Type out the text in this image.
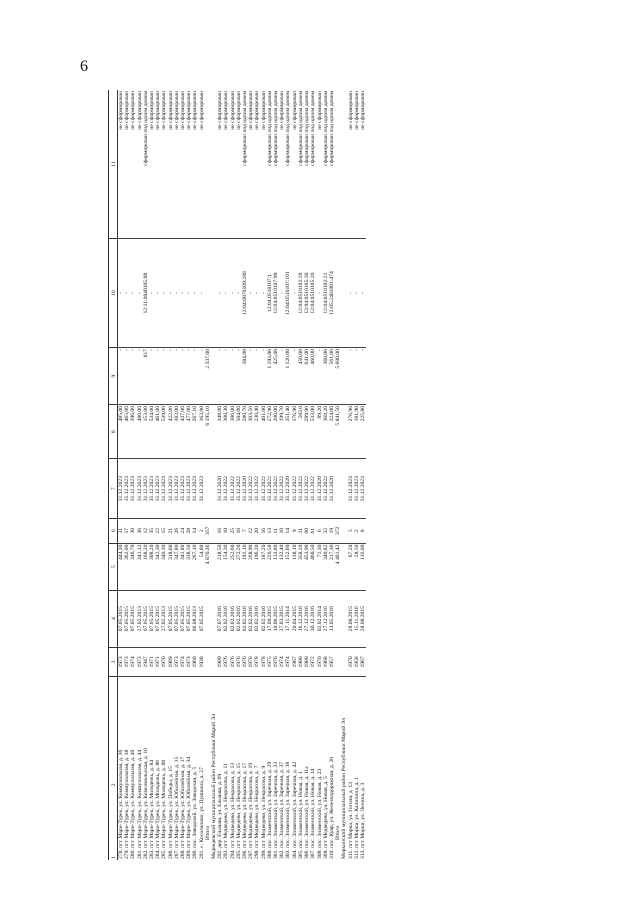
6
12	3	4	5	6	7	8	9	10	11
278. пгт Мари-Турек, ул. Коммунальная, д. 36	1973	07.05.2015	444,30	31	31.12.2023	485,00	-	-	не сформирован
279. пгт Мари-Турек, ул. Коммунальная, д. 38	1973	07.05.2015	362,00	17	31.12.2023	465,00	-	-	не сформирован
280. пгт Мари-Турек, ул. Коммунальная, д. 40	1974	07.05.2015	346,70	30	31.12.2023	396,00	-	-	не сформирован
281. пгт Мари-Турек, ул. Коммунальная, д. 44	1973	27.02.2013	341,12	36	31.12.2023	480,00	-	-	не сформирован
282. пгт Мари-Турек, ул. Комсомольская, д. 10	1947	07.05.2015	168,20	12	31.12.2023	153,00	817	12:11:0840105:88	сформирован под одним домом
283. пгт Мари-Турек, ул. Молодежь, д. 84	1971	07.05.2015	308,20	35	31.12.2023	534,00	-	-	не сформирован
284. пгт Мари-Турек, ул. Молодежь, д. 86	1971	07.05.2015	342,30	22	31.12.2023	461,00	-	-	не сформирован
285. пгт Мари-Турек, ул. Молодежь, д. 88	1970	27.02.2013	340,30	15	31.12.2023	539,00	-	-	не сформирован
286. пгт Мари-Турек, ул. Победы, д. 15	1989	07.05.2015	318,60	21	31.12.2023	422,00	-	-	не сформирован
287. пгт Мари-Турек, ул. Юбилейная, д. 15	1973	07.05.2015	347,80	26	31.12.2023	383,00	-	-	не сформирован
288. пгт Мари-Турек, ул. Юбилейная, д. 17	1974	07.05.2015	341,80	24	31.12.2023	437,00	-	-	не сформирован
289. пгт Мари-Турек, ул. Юбилейная, д. 34	1973	07.05.2015	338,50	28	31.12.2023	477,00	-	-	не сформирован
290. пос. Заводской, ул. Заводская, д. 5	1960	06.08.2013	267,10	14	31.12.2023	267,10	-	-	не сформирован
291. с. Косолапово, ул. Пушкина, д. 27	1938	07.05.2015	54,80	2	31.12.2023	163,00	-	-	не сформирован
Итого			4 870,36	357		6 195,10	2 337,00		
Медведевский муниципальный район Республики Марий Эл									
292. дер. Ельмаш, ул. Ельмаш, д. 69	1909	07.07.2016	218,50	16	31.12.2020	348,00	-	-	не сформирован
293. пгт Медведево, ул. Некрасова, д. 11	1976	02.02.2016	154,30	10	31.12.2022	300,30	-	-	не сформирован
294. пгт Медведево, ул. Некрасова, д. 13	1976	02.02.2016	252,60	25	31.12.2022	386,00	-	-	не сформирован
295. пгт Медведево, ул. Некрасова, д. 15	1976	02.02.2016	272,20	10	31.12.2022	504,00	-	-	не сформирован
296. пгт Медведево, ул. Некрасова, д. 17	1976	02.02.2016	192,10	7	31.12.2020	280,70	384,00	12:04:0870109:288	сформирован под одним домом
297. пгт Медведево, ул. Некрасова, д. 19	1976	02.02.2016	268,90	12	31.12.2022	303,50	-	-	не сформирован
298. пгт Медведево, ул. Некрасова, д. 7	1978	02.02.2016	196,20	20	31.12.2022	230,40	-	-	не сформирован
299. пгт Медведево, ул. Некрасова, д. 9	1978	02.02.2016	187,20	16	31.12.2022	401,00	-	-	не сформирован
300. пос. Знаменский, ул. Заречная, д. 29	1975	17.09.2015	220,50	13	31.12.2022	272,90	1 193,00	12:04:0510107:1	сформирован под одним домом
301. пос. Знаменский, ул. Заречная, д. 33	1976	10.06.2015	133,80	11	31.12.2022	200,00	425,00	12:04:0510107:99	сформирован под одним домом
302. пос. Знаменский, ул. Заречная, д. 37	1974	27.03.2015	132,40	10	31.12.2022	199,70	-	-	не сформирован
303. пос. Знаменский, ул. Заречная, д. 38	1974	17.11.2014	152,60	14	31.12.2020	351,40	1 126,00	12:04:0510107:101	сформирован под одним домом
304. пос. Знаменский, ул. Заречная, д. 42	1967	20.04.2015	138,10	9	31.12.2022	176,90	-	-	не сформирован
305. пос. Знаменский, ул. Новая, д. 1	1980	16.12.2016	358,20	21	31.12.2022	283,0	450,00	12:04:0510102:20	сформирован под одним домом
306. пос. Знаменский, ул. Новая, д. 11а	1980	27.12.2016	453,90	60	31.12.2022	289,90	641,00	12:04:0510105:30	сформирован под одним домом
307. пос. Знаменский, ул. Новая, д. 14	1972	30.12.2016	460,50	61	31.12.2022	533,00	460,00	12:04:0510105:20	сформирован под одним домом
308. пос. Знаменский, ул. Новая, д. 23	1970	02.02.2014	71,30	6	31.12.2020	89,20	-	-	не сформирован
309. пгт Медведево, ул. Новая, д. 5	1968	27.12.2016	340,82	32	31.12.2022	368,20	368,00	12:04:0510102:21	сформирован под одним домом
310. пос. Куяр, ул. Железнодорожная, д. 20	1957	13.05.2016	217,30	19	31.12.2020	324,00	561,00	12:05:2401001:474	сформирован под одним домом
Итого			4 401,42	372		5 841,50	5 608,00		
Моркинский муниципальный район Республики Марий Эл									
311. пгт Морки, ул. Гоголя, д. 13	1970	28.08.2015	67,20	5	31.12.2023	276,90	-	-	не сформирован
312. пгт Морки, ул. Калинина, д. 1	1958	15.11.2016	28,50	2	31.12.2023	181,90	-	-	не сформирован
313. пгт Морки, ул. Ленина, д. 3	1967	28.08.2015	116,00	8	31.12.2023	225,80	-	-	не сформирован
